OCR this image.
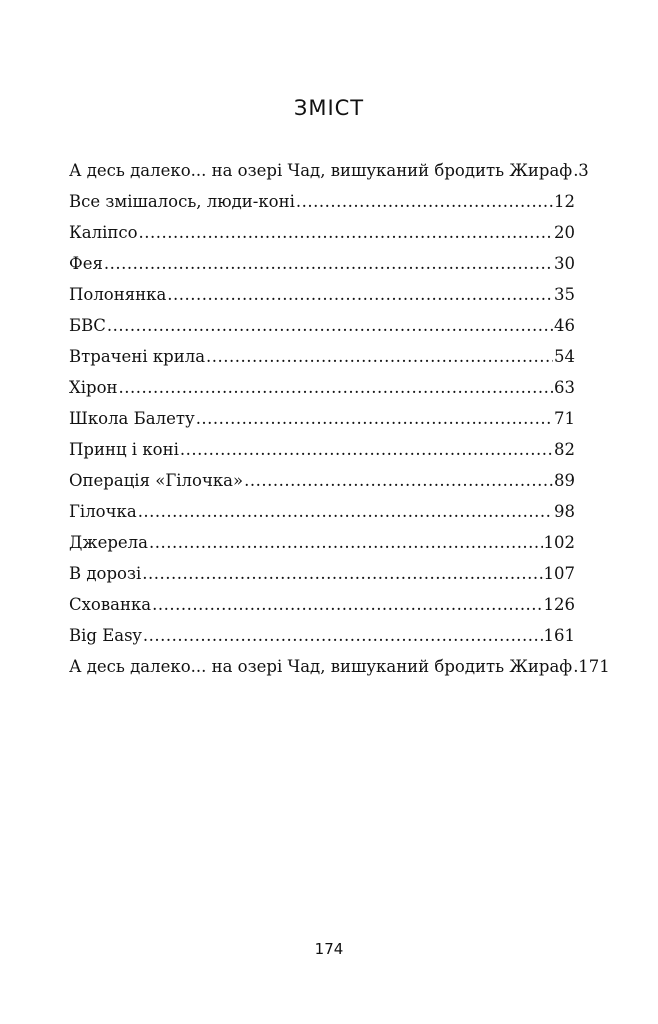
ЗМІСТ
А десь далеко... на озері Чад, вишуканий бродить Жираф ..... 3
Все змішалось, люди-коні .....	12
Каліпсо .....	20
Фея .....	30
Полонянка .....	35
БВС .....	46
Втрачені крила .....	54
Хірон .....	63
Школа Балету .....	71
Принц і коні .....	82
Операція «Гілочка» .....	89
Гілочка .....	98
Джерела .....	102
В дорозі .....	107
Схованка .....	126
Big Easy .....	161
А десь далеко... на озері Чад, вишуканий бродить Жираф ..... 171
174
